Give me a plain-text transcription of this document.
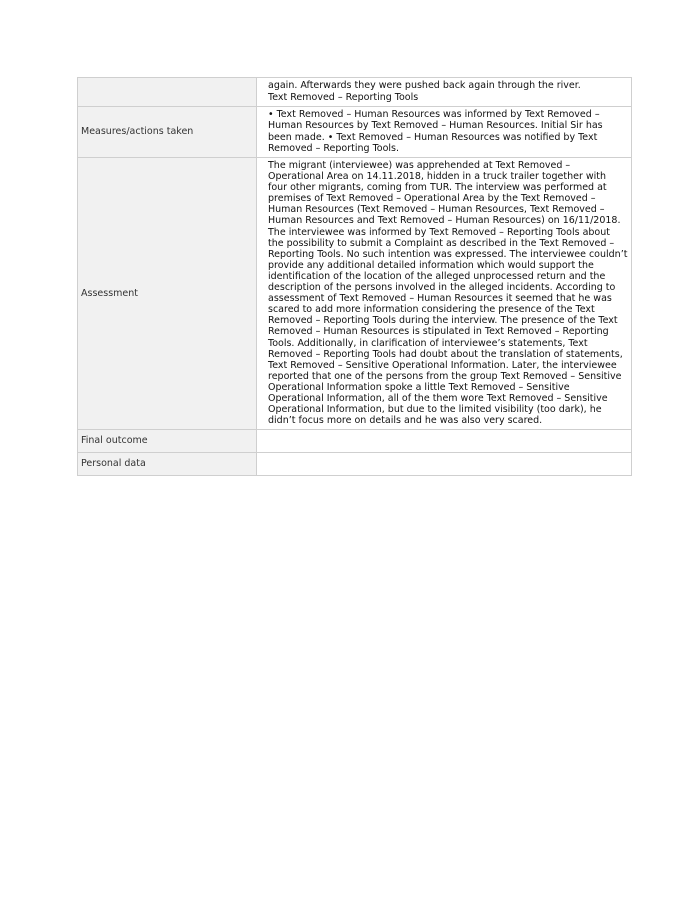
	again. Afterwards they were pushed back again through the river.
Text Removed – Reporting Tools

Measures/actions taken	• Text Removed – Human Resources was informed by Text Removed – Human Resources by Text Removed – Human Resources. Initial Sir has been made. • Text Removed – Human Resources was notified by Text Removed – Reporting Tools.
Assessment	The migrant (interviewee) was apprehended at Text Removed – Operational Area on 14.11.2018, hidden in a truck trailer together with four other migrants, coming from TUR. The interview was performed at premises of Text Removed – Operational Area by the Text Removed – Human Resources (Text Removed – Human Resources, Text Removed – Human Resources and Text Removed – Human Resources) on 16/11/2018. The interviewee was informed by Text Removed – Reporting Tools about the possibility to submit a Complaint as described in the Text Removed – Reporting Tools. No such intention was expressed. The interviewee couldn’t provide any additional detailed information which would support the identification of the location of the alleged unprocessed return and the description of the persons involved in the alleged incidents. According to assessment of Text Removed – Human Resources it seemed that he was scared to add more information considering the presence of the Text Removed – Reporting Tools during the interview. The presence of the Text Removed – Human Resources is stipulated in Text Removed – Reporting Tools. Additionally, in clarification of interviewee’s statements, Text Removed – Reporting Tools had doubt about the translation of statements, Text Removed – Sensitive Operational Information. Later, the interviewee reported that one of the persons from the group Text Removed – Sensitive Operational Information spoke a little Text Removed – Sensitive Operational Information, all of the them wore Text Removed – Sensitive Operational Information, but due to the limited visibility (too dark), he didn’t focus more on details and he was also very scared.
Final outcome	
Personal data	
